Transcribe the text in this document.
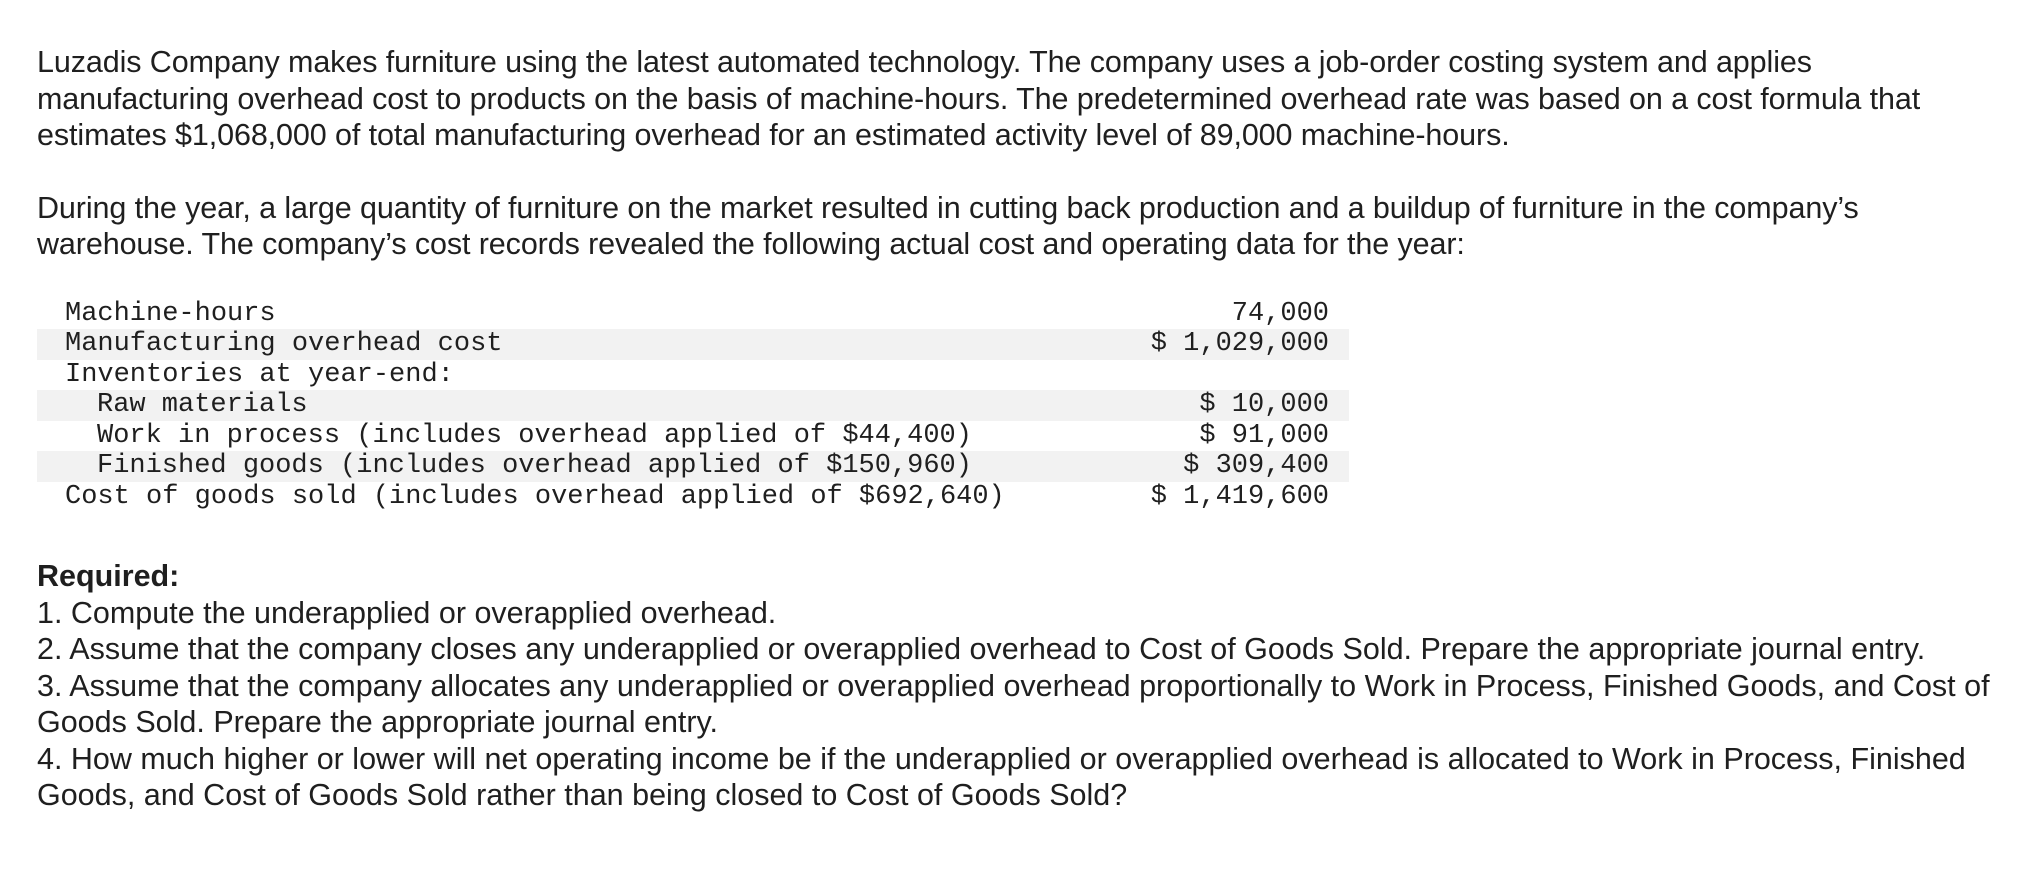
Luzadis Company makes furniture using the latest automated technology. The company uses a job-order costing system and applies manufacturing overhead cost to products on the basis of machine-hours. The predetermined overhead rate was based on a cost formula that estimates $1,068,000 of total manufacturing overhead for an estimated activity level of 89,000 machine-hours.

During the year, a large quantity of furniture on the market resulted in cutting back production and a buildup of furniture in the company’s warehouse. The company’s cost records revealed the following actual cost and operating data for the year:

Machine-hours	74,000
Manufacturing overhead cost	$ 1,029,000
Inventories at year-end:	
Raw materials	$ 10,000
Work in process (includes overhead applied of $44,400)	$ 91,000
Finished goods (includes overhead applied of $150,960)	$ 309,400
Cost of goods sold (includes overhead applied of $692,640)	$ 1,419,600
Required:

1. Compute the underapplied or overapplied overhead.

2. Assume that the company closes any underapplied or overapplied overhead to Cost of Goods Sold. Prepare the appropriate journal entry.

3. Assume that the company allocates any underapplied or overapplied overhead proportionally to Work in Process, Finished Goods, and Cost of Goods Sold. Prepare the appropriate journal entry.

4. How much higher or lower will net operating income be if the underapplied or overapplied overhead is allocated to Work in Process, Finished Goods, and Cost of Goods Sold rather than being closed to Cost of Goods Sold?
